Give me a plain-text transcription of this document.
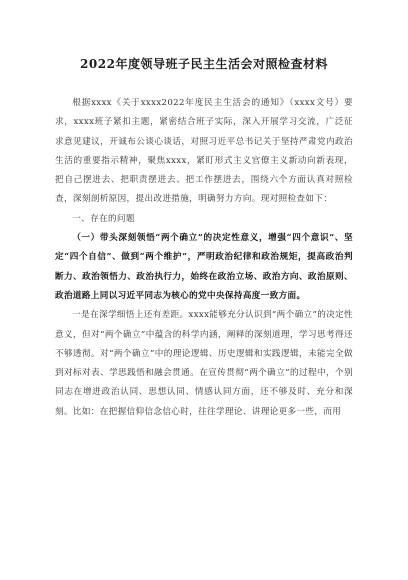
2022年度领导班子民主生活会对照检查材料

根据xxxx《关于xxxx2022年度民主生活会的通知》（xxxx文号）要求，xxxx班子紧扣主题，紧密结合班子实际，深入开展学习交流，广泛征求意见建议，开诚布公谈心谈话，对照习近平总书记关于坚持严肃党内政治生活的重要指示精神，聚焦xxxx，紧盯形式主义官僚主义新动向新表现，把自己摆进去、把职责摆进去、把工作摆进去，围绕六个方面认真对照检查，深刻剖析原因，提出改进措施，明确努力方向。现对照检查如下：

一、存在的问题

（一）带头深刻领悟“两个确立”的决定性意义，增强“四个意识”、坚定“四个自信”、做到“两个维护”，严明政治纪律和政治规矩，提高政治判断力、政治领悟力、政治执行力，始终在政治立场、政治方向、政治原则、政治道路上同以习近平同志为核心的党中央保持高度一致方面。

一是在深学细悟上还有差距。xxxx能够充分认识到“两个确立”的决定性意义，但对“两个确立”中蕴含的科学内涵，阐释的深刻道理，学习思考得还不够透彻。对“两个确立”中的理论逻辑、历史逻辑和实践逻辑，未能完全做到对标对表、学思践悟和融会贯通。在宣传贯彻“两个确立”的过程中，个别同志在增进政治认同、思想认同、情感认同方面，还不够及时、充分和深刻。比如：在把握信仰信念信心时，往往学理论、讲理论更多一些，而用
